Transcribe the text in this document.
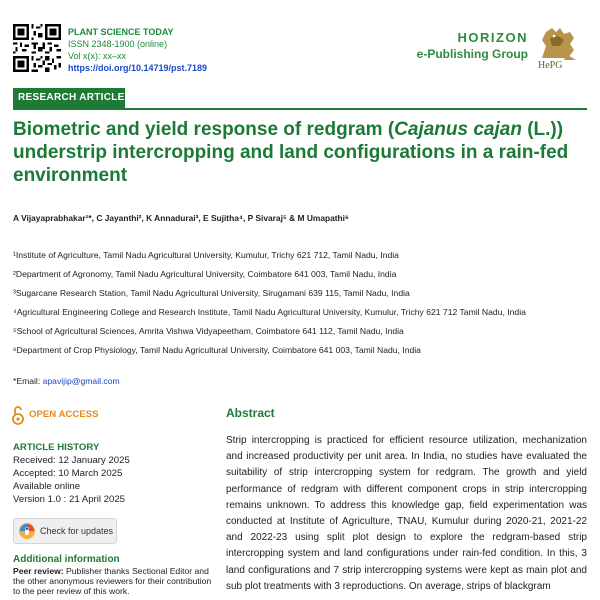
PLANT SCIENCE TODAY
ISSN 2348-1900 (online)
Vol x(x): xx–xx
https://doi.org/10.14719/pst.7189
HORIZON
e-Publishing Group
HePG
RESEARCH ARTICLE
Biometric and yield response of redgram (Cajanus cajan (L.)) understrip intercropping and land configurations in a rain-fed environment
A Vijayaprabhakar¹*, C Jayanthi², K Annadurai³, E Sujitha⁴, P Sivaraj⁵ & M Umapathi⁶
¹Institute of Agriculture, Tamil Nadu Agricultural University, Kumulur, Trichy 621 712, Tamil Nadu, India
²Department of Agronomy, Tamil Nadu Agricultural University, Coimbatore 641 003, Tamil Nadu, India
³Sugarcane Research Station, Tamil Nadu Agricultural University, Sirugamani 639 115, Tamil Nadu, India
⁴Agricultural Engineering College and Research Institute, Tamil Nadu Agricultural University, Kumulur, Trichy 621 712 Tamil Nadu, India
⁵School of Agricultural Sciences, Amrita Vishwa Vidyapeetham, Coimbatore 641 112, Tamil Nadu, India
⁶Department of Crop Physiology, Tamil Nadu Agricultural University, Coimbatore 641 003, Tamil Nadu, India
*Email: apavijip@gmail.com
OPEN ACCESS
ARTICLE HISTORY
Received: 12 January 2025
Accepted: 10 March 2025
Available online
Version 1.0 : 21 April 2025
Check for updates
Additional information
Peer review: Publisher thanks Sectional Editor and the other anonymous reviewers for their contribution to the peer review of this work.
Abstract
Strip intercropping is practiced for efficient resource utilization, mechanization and increased productivity per unit area. In India, no studies have evaluated the suitability of strip intercropping system for redgram. The growth and yield performance of redgram with different component crops in strip intercropping remains unknown. To address this knowledge gap, field experimentation was conducted at Institute of Agriculture, TNAU, Kumulur during 2020-21, 2021-22 and 2022-23 using split plot design to explore the redgram-based strip intercropping system and land configurations under rain-fed condition. In this, 3 land configurations and 7 strip intercropping systems were kept as main plot and sub plot treatments with 3 reproductions. On average, strips of blackgram
